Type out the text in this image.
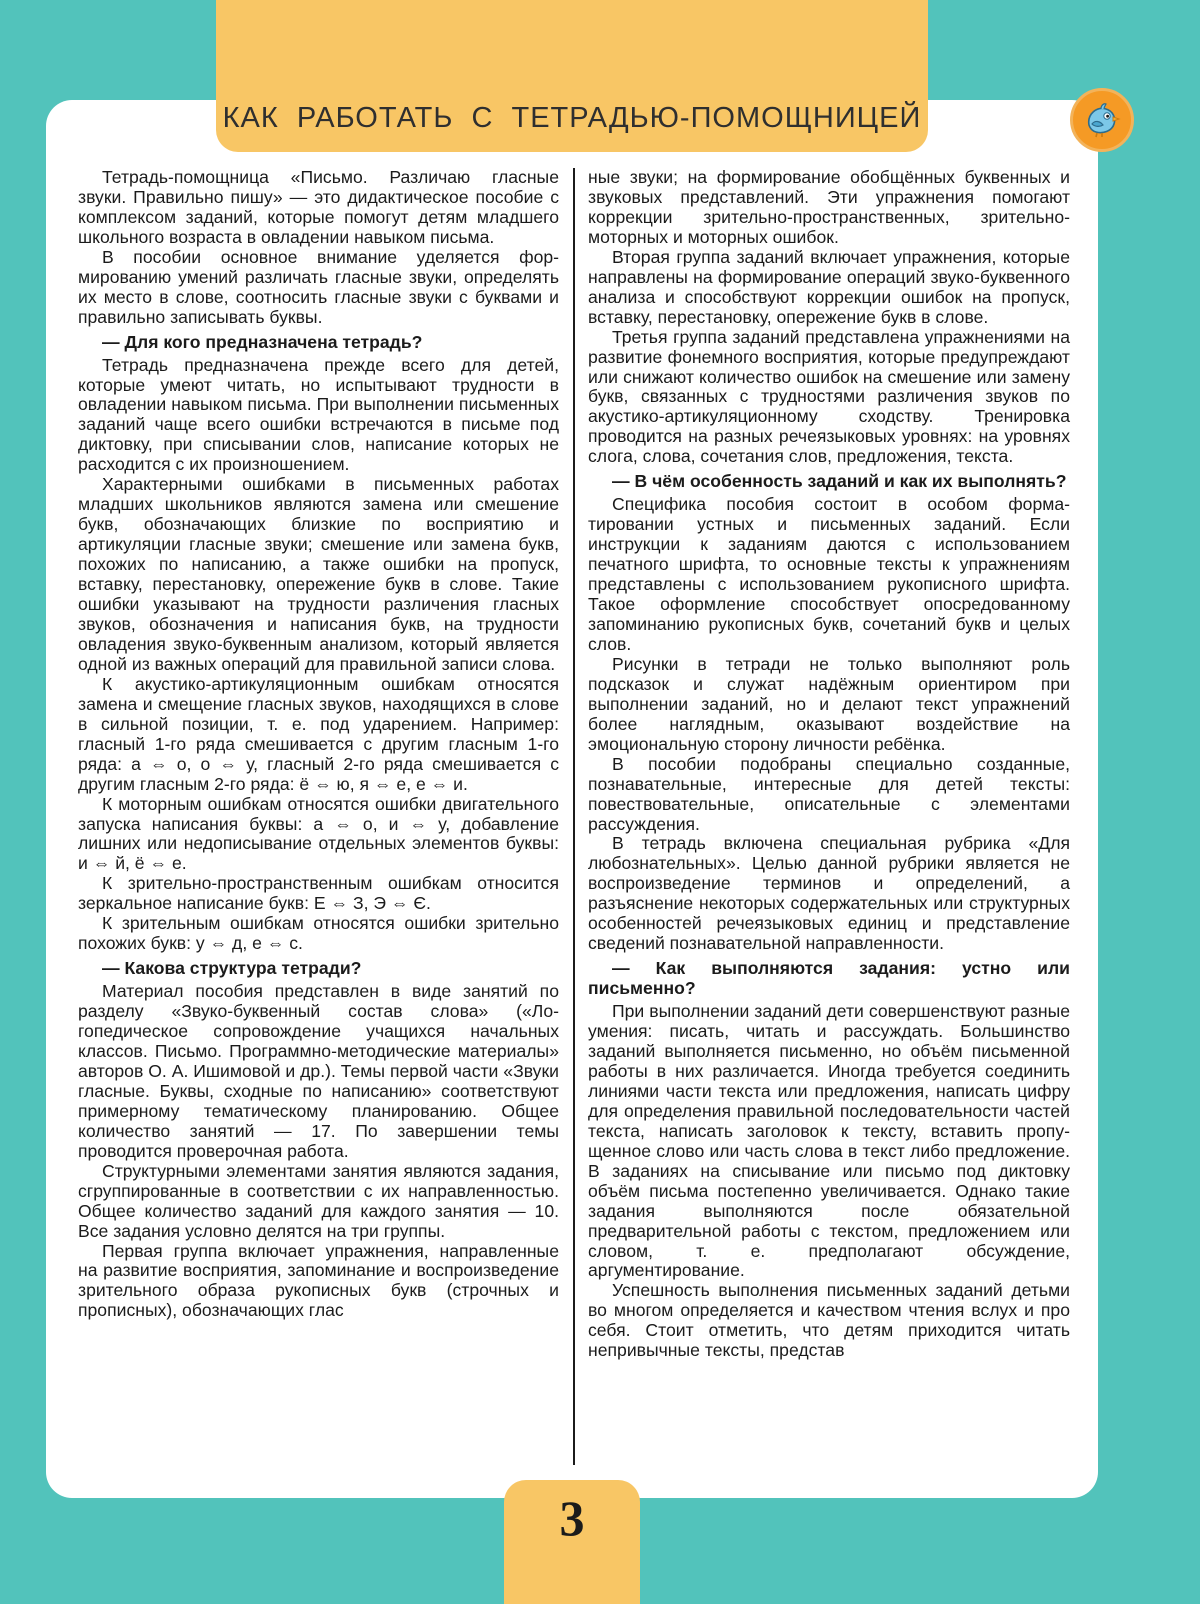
КАК РАБОТАТЬ С ТЕТРАДЬЮ-ПОМОЩНИЦЕЙ

Тетрадь-помощница «Письмо. Различаю гласные звуки. Правильно пишу» — это дидактическое пособие с комплексом заданий, которые помогут детям младшего школьного возраста в овладении навыком письма.

В пособии основное внимание уделяется формированию умений различать гласные звуки, определять их место в слове, соотносить гласные звуки с буквами и правильно записывать буквы.

— Для кого предназначена тетрадь?

Тетрадь предназначена прежде всего для детей, которые умеют читать, но испытывают трудности в овладении навыком письма. При выполнении письменных заданий чаще всего ошибки встречаются в письме под диктовку, при списывании слов, написание которых не расходится с их произношением.

Характерными ошибками в письменных работах младших школьников являются замена или смешение букв, обозначающих близкие по восприятию и артикуляции гласные звуки; смешение или замена букв, похожих по написанию, а также ошибки на пропуск, вставку, перестановку, опережение букв в слове. Такие ошибки указывают на трудности различения гласных звуков, обозначения и написания букв, на трудности овладения звуко-буквенным анализом, который является одной из важных операций для правильной записи слова.

К акустико-артикуляционным ошибкам относятся замена и смещение гласных звуков, находящихся в слове в сильной позиции, т. е. под ударением. Например: гласный 1-го ряда смешивается с другим гласным 1-го ряда: а ⇔ о, о ⇔ у, гласный 2-го ряда смешивается с другим гласным 2-го ряда: ё ⇔ ю, я ⇔ е, е ⇔ и.

К моторным ошибкам относятся ошибки двигательного запуска написания буквы: а ⇔ о, и ⇔ у, добавление лишних или недописывание отдельных элементов буквы: и ⇔ й, ё ⇔ е.

К зрительно-пространственным ошибкам относится зеркальное написание букв: Е ⇔ З, Э ⇔ Є.

К зрительным ошибкам относятся ошибки зрительно похожих букв: у ⇔ д, е ⇔ с.

— Какова структура тетради?

Материал пособия представлен в виде занятий по разделу «Звуко-буквенный состав слова» («Логопедическое сопровождение учащихся начальных классов. Письмо. Программно-методические материалы» авторов О. А. Ишимовой и др.). Темы первой части «Звуки гласные. Буквы, сходные по написанию» соответствуют примерному тематическому планированию. Общее количество занятий — 17. По завершении темы проводится проверочная работа.

Структурными элементами занятия являются задания, сгруппированные в соответствии с их направленностью. Общее количество заданий для каждого занятия — 10. Все задания условно делятся на три группы.

Первая группа включает упражнения, направленные на развитие восприятия, запоминание и воспроизведение зрительного образа рукописных букв (строчных и прописных), обозначающих глас

ные звуки; на формирование обобщённых буквенных и звуковых представлений. Эти упражнения помогают коррекции зрительно-пространственных, зрительно-моторных и моторных ошибок.

Вторая группа заданий включает упражнения, которые направлены на формирование операций звуко-буквенного анализа и способствуют коррекции ошибок на пропуск, вставку, перестановку, опережение букв в слове.

Третья группа заданий представлена упражнениями на развитие фонемного восприятия, которые предупреждают или снижают количество ошибок на смешение или замену букв, связанных с трудностями различения звуков по акустико-артикуляционному сходству. Тренировка проводится на разных речеязыковых уровнях: на уровнях слога, слова, сочетания слов, предложения, текста.

— В чём особенность заданий и как их выполнять?

Специфика пособия состоит в особом форматировании устных и письменных заданий. Если инструкции к заданиям даются с использованием печатного шрифта, то основные тексты к упражнениям представлены с использованием рукописного шрифта. Такое оформление способствует опосредованному запоминанию рукописных букв, сочетаний букв и целых слов.

Рисунки в тетради не только выполняют роль подсказок и служат надёжным ориентиром при выполнении заданий, но и делают текст упражнений более наглядным, оказывают воздействие на эмоциональную сторону личности ребёнка.

В пособии подобраны специально созданные, познавательные, интересные для детей тексты: повествовательные, описательные с элементами рассуждения.

В тетрадь включена специальная рубрика «Для любознательных». Целью данной рубрики является не воспроизведение терминов и определений, а разъяснение некоторых содержательных или структурных особенностей речеязыковых единиц и представление сведений познавательной направленности.

— Как выполняются задания: устно или письменно?

При выполнении заданий дети совершенствуют разные умения: писать, читать и рассуждать. Большинство заданий выполняется письменно, но объём письменной работы в них различается. Иногда требуется соединить линиями части текста или предложения, написать цифру для определения правильной последовательности частей текста, написать заголовок к тексту, вставить пропущенное слово или часть слова в текст либо предложение. В заданиях на списывание или письмо под диктовку объём письма постепенно увеличивается. Однако такие задания выполняются после обязательной предварительной работы с текстом, предложением или словом, т. е. предполагают обсуждение, аргументирование.

Успешность выполнения письменных заданий детьми во многом определяется и качеством чтения вслух и про себя. Стоит отметить, что детям приходится читать непривычные тексты, представ

3
